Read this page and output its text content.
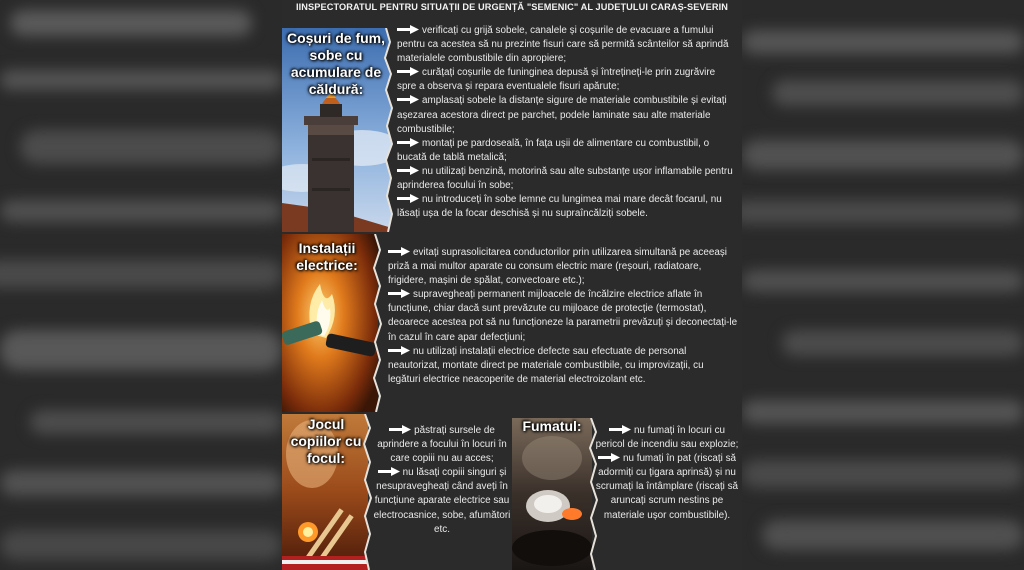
IINSPECTORATUL PENTRU SITUAȚII DE URGENȚĂ "SEMENIC" AL JUDEȚULUI CARAȘ-SEVERIN
Coșuri de fum, sobe cu acumulare de căldură:

verificați cu grijă sobele, canalele și coșurile de evacuare a fumului pentru ca acestea să nu prezinte fisuri care să permită scânteilor să aprindă materialele combustibile din apropiere;

curățați coșurile de funinginea depusă și întrețineți-le prin zugrăvire spre a observa și repara eventualele fisuri apărute;

amplasați sobele la distanțe sigure de materiale combustibile și evitați așezarea acestora direct pe parchet, podele laminate sau alte materiale combustibile;

montați pe pardoseală, în fața ușii de alimentare cu combustibil, o bucată de tablă metalică;

nu utilizați benzină, motorină sau alte substanțe ușor inflamabile pentru aprinderea focului în sobe;

nu introduceți în sobe lemne cu lungimea mai mare decât focarul, nu lăsați ușa de la focar deschisă și nu supraîncălziți sobele.

Instalații electrice:

evitați suprasolicitarea conductorilor prin utilizarea simultană pe aceeași priză a mai multor aparate cu consum electric mare (reșouri, radiatoare, frigidere, mașini de spălat, convectoare etc.);

supravegheați permanent mijloacele de încălzire electrice aflate în funcțiune, chiar dacă sunt prevăzute cu mijloace de protecție (termostat), deoarece acestea pot să nu funcționeze la parametrii prevăzuți și deconectați-le în cazul în care apar defecțiuni;

nu utilizați instalații electrice defecte sau efectuate de personal neautorizat, montate direct pe materiale combustibile, cu improvizații, cu legături electrice neacoperite de material electroizolant etc.

Jocul copiilor cu focul:

păstrați sursele de aprindere a focului în locuri în care copiii nu au acces;

nu lăsați copiii singuri și nesupravegheați când aveți în funcțiune aparate electrice sau electrocasnice, sobe, afumători etc.

Fumatul:	nu fumați în locuri cu pericol de incendiu sau explozie;

nu fumați în pat (riscați să adormiți cu țigara aprinsă) și nu scrumați la întâmplare (riscați să aruncați scrum nestins pe materiale ușor combustibile).
